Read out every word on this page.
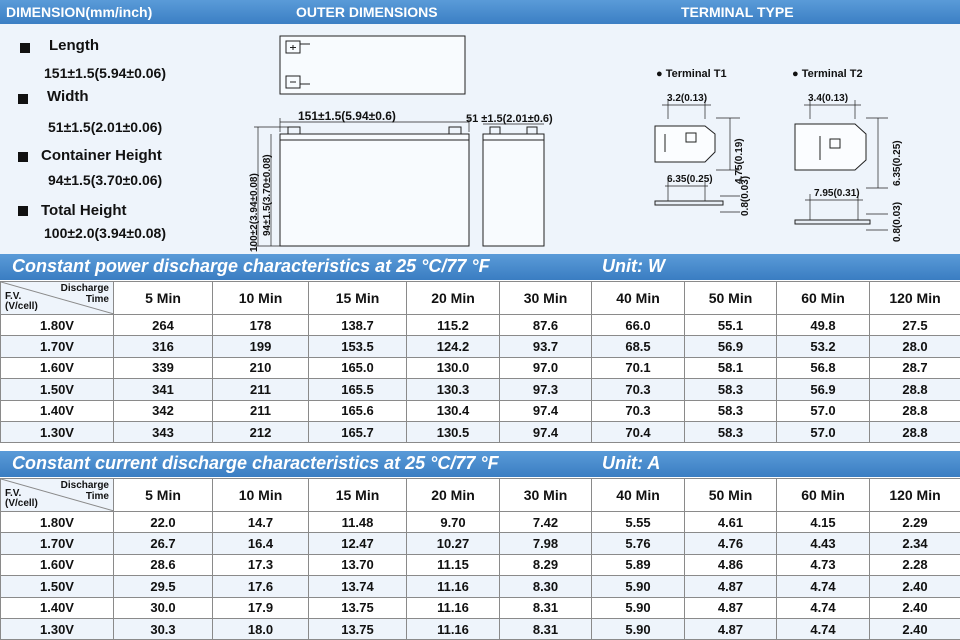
DIMENSION(mm/inch)	OUTER DIMENSIONS	TERMINAL TYPE
Length
151±1.5(5.94±0.06)
Width
51±1.5(2.01±0.06)
Container Height
94±1.5(3.70±0.06)
Total Height
100±2.0(3.94±0.08)
151±1.5(5.94±0.6)
100±2(3.94±0.08) 94±1.5(3.70±0.08)
51 ±1.5(2.01±0.6)
● Terminal T1
3.2(0.13)
4.75(0.19)
6.35(0.25)	0.8(0.03)
● Terminal T2
3.4(0.13)
6.35(0.25)
7.95(0.31)
0.8(0.03)
Constant power discharge characteristics at 25 °C/77 °F	Unit: W
Discharge
Time
F.V.
(V/cell)	5 Min	10 Min	15 Min	20 Min	30 Min	40 Min	50 Min	60 Min	120 Min
1.80V	264	178	138.7	115.2	87.6	66.0	55.1	49.8	27.5
1.70V	316	199	153.5	124.2	93.7	68.5	56.9	53.2	28.0
1.60V	339	210	165.0	130.0	97.0	70.1	58.1	56.8	28.7
1.50V	341	211	165.5	130.3	97.3	70.3	58.3	56.9	28.8
1.40V	342	211	165.6	130.4	97.4	70.3	58.3	57.0	28.8
1.30V	343	212	165.7	130.5	97.4	70.4	58.3	57.0	28.8
Constant current discharge characteristics at 25 °C/77 °F	Unit: A
Discharge
Time
F.V.
(V/cell)	5 Min	10 Min	15 Min	20 Min	30 Min	40 Min	50 Min	60 Min	120 Min
1.80V	22.0	14.7	11.48	9.70	7.42	5.55	4.61	4.15	2.29
1.70V	26.7	16.4	12.47	10.27	7.98	5.76	4.76	4.43	2.34
1.60V	28.6	17.3	13.70	11.15	8.29	5.89	4.86	4.73	2.28
1.50V	29.5	17.6	13.74	11.16	8.30	5.90	4.87	4.74	2.40
1.40V	30.0	17.9	13.75	11.16	8.31	5.90	4.87	4.74	2.40
1.30V	30.3	18.0	13.75	11.16	8.31	5.90	4.87	4.74	2.40
